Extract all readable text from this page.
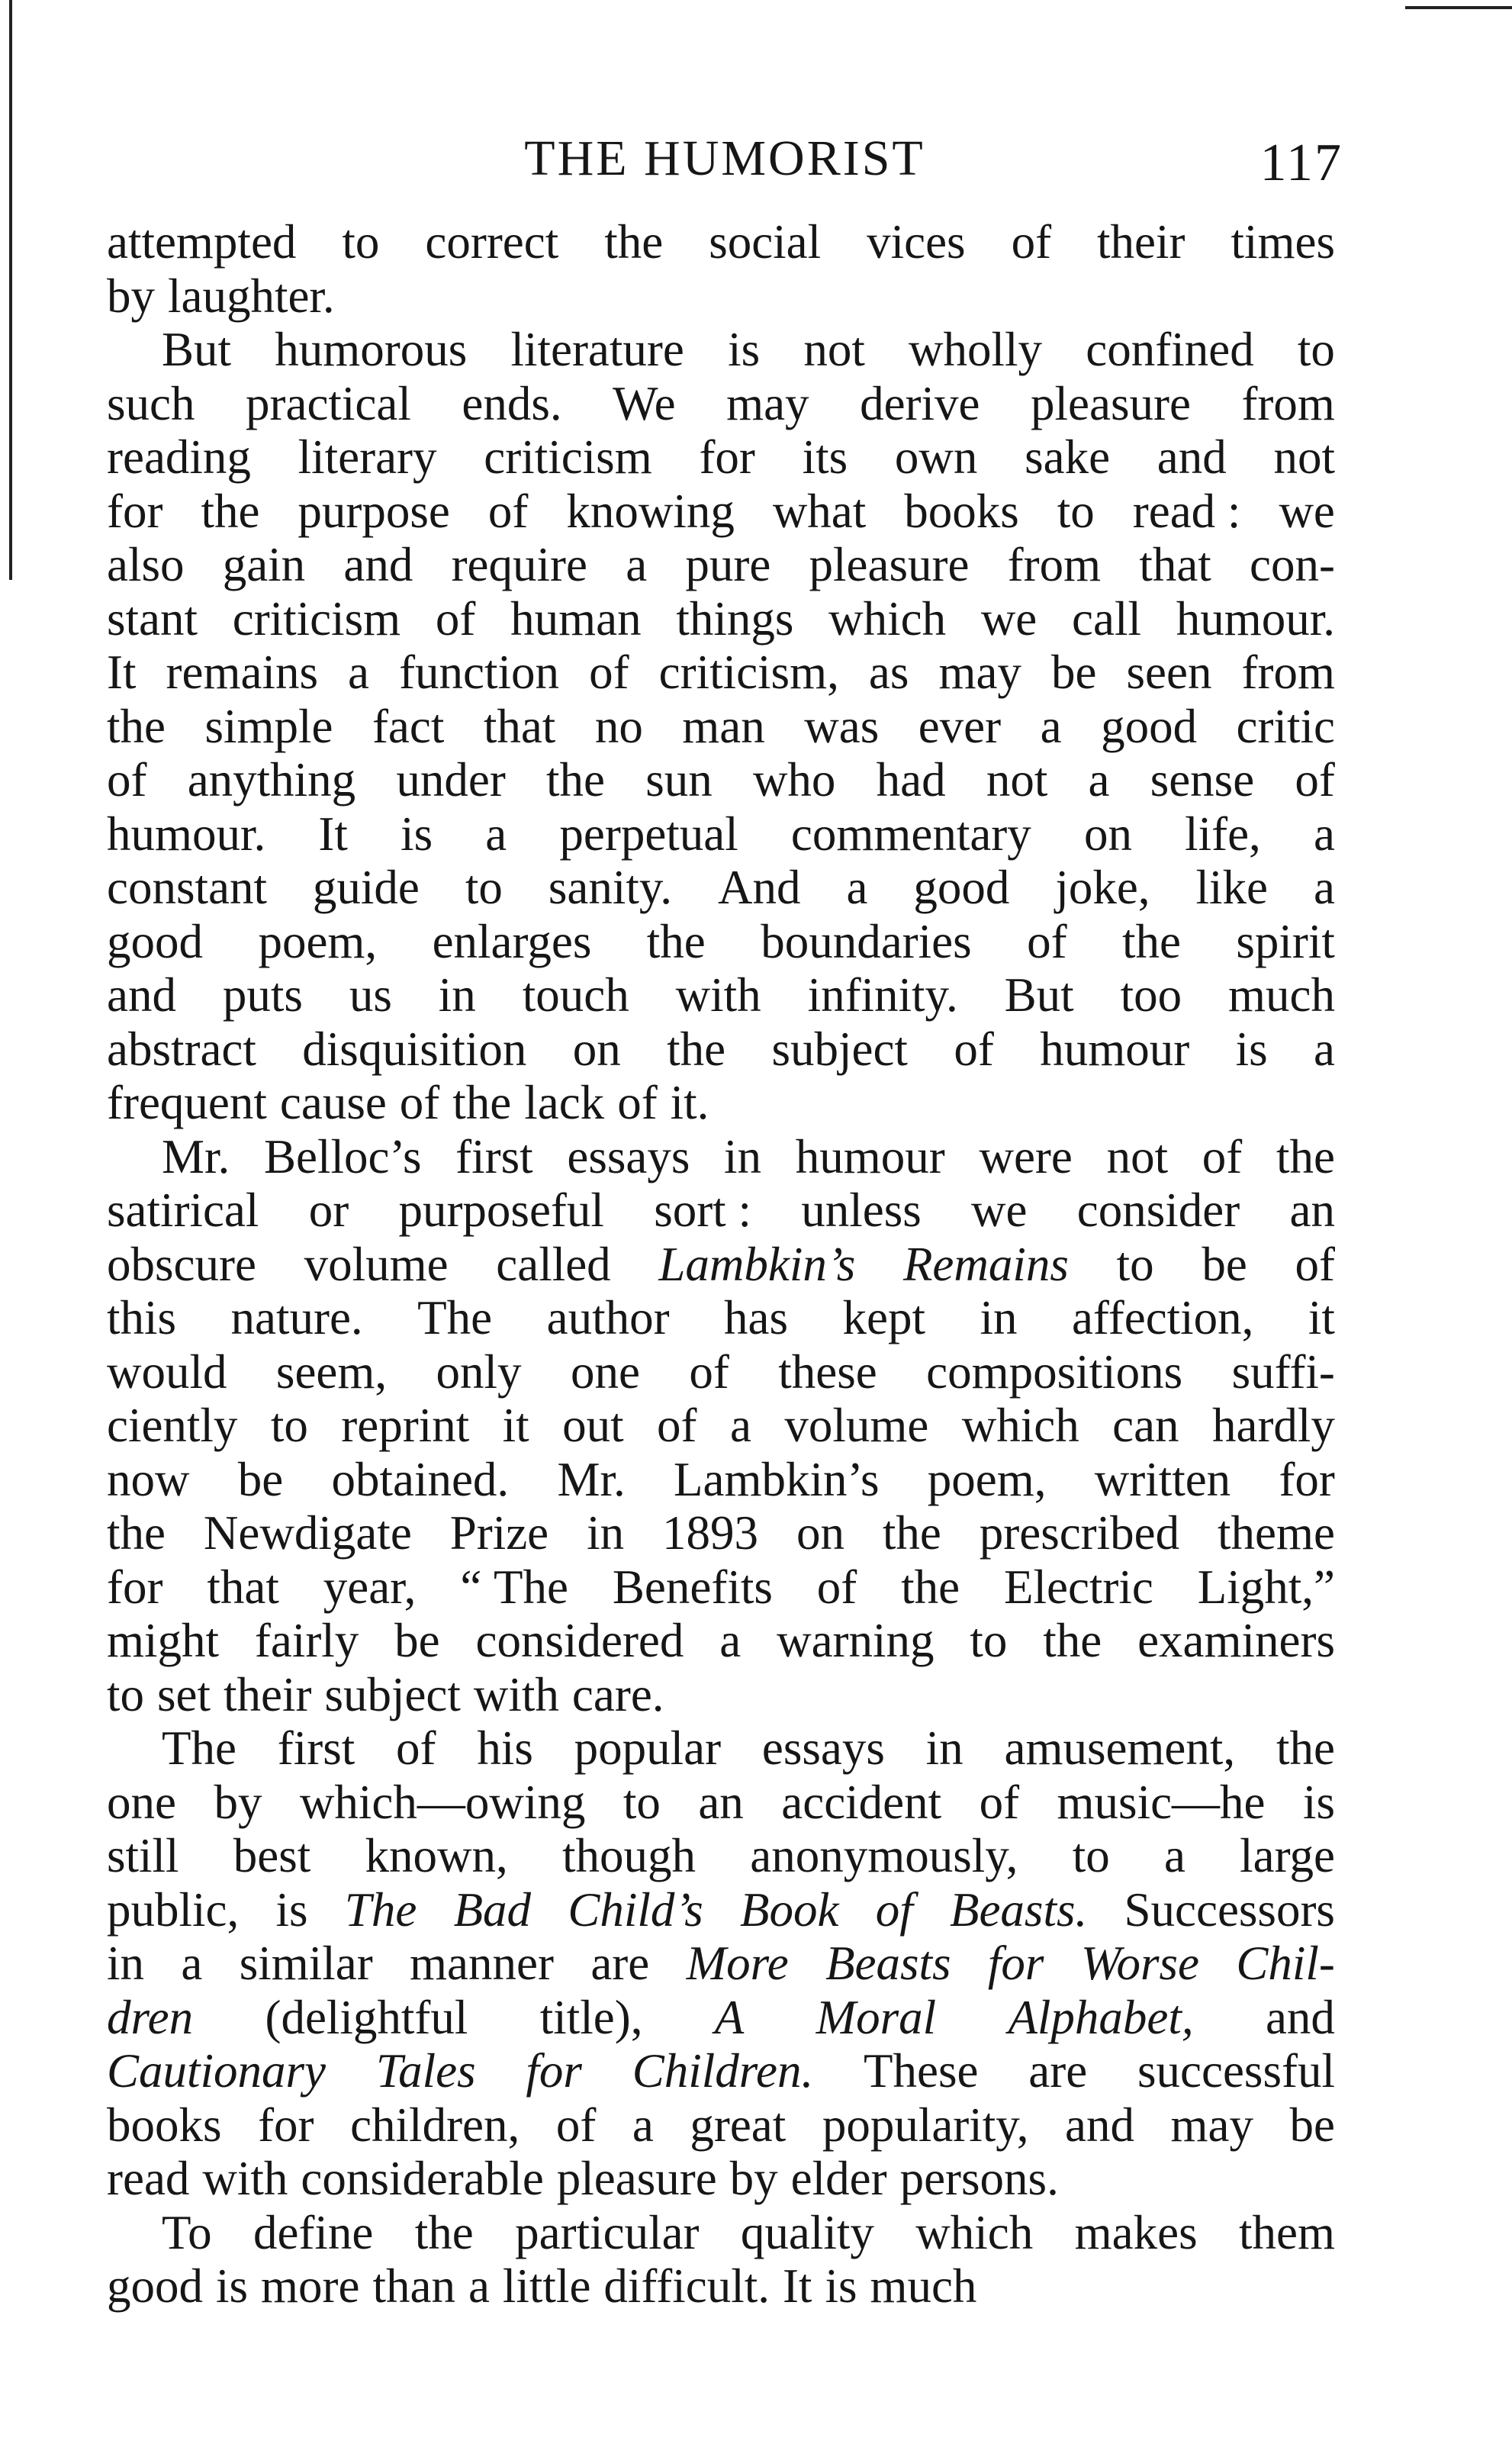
THE HUMORIST	117
attempted to correct the social vices of their times
by laughter.
But humorous literature is not wholly confined to
such practical ends. We may derive pleasure from
reading literary criticism for its own sake and not
for the purpose of knowing what books to read : we
also gain and require a pure pleasure from that con-
stant criticism of human things which we call humour.
It remains a function of criticism, as may be seen from
the simple fact that no man was ever a good critic
of anything under the sun who had not a sense of
humour. It is a perpetual commentary on life, a
constant guide to sanity. And a good joke, like a
good poem, enlarges the boundaries of the spirit
and puts us in touch with infinity. But too much
abstract disquisition on the subject of humour is a
frequent cause of the lack of it.
Mr. Belloc’s first essays in humour were not of the
satirical or purposeful sort : unless we consider an
obscure volume called Lambkin’s Remains to be of
this nature. The author has kept in affection, it
would seem, only one of these compositions suffi-
ciently to reprint it out of a volume which can hardly
now be obtained. Mr. Lambkin’s poem, written for
the Newdigate Prize in 1893 on the prescribed theme
for that year, “ The Benefits of the Electric Light,”
might fairly be considered a warning to the examiners
to set their subject with care.
The first of his popular essays in amusement, the
one by which—owing to an accident of music—he is
still best known, though anonymously, to a large
public, is The Bad Child’s Book of Beasts. Successors
in a similar manner are More Beasts for Worse Chil-
dren (delightful title), A Moral Alphabet, and
Cautionary Tales for Children. These are successful
books for children, of a great popularity, and may be
read with considerable pleasure by elder persons.
To define the particular quality which makes them
good is more than a little difficult. It is much
